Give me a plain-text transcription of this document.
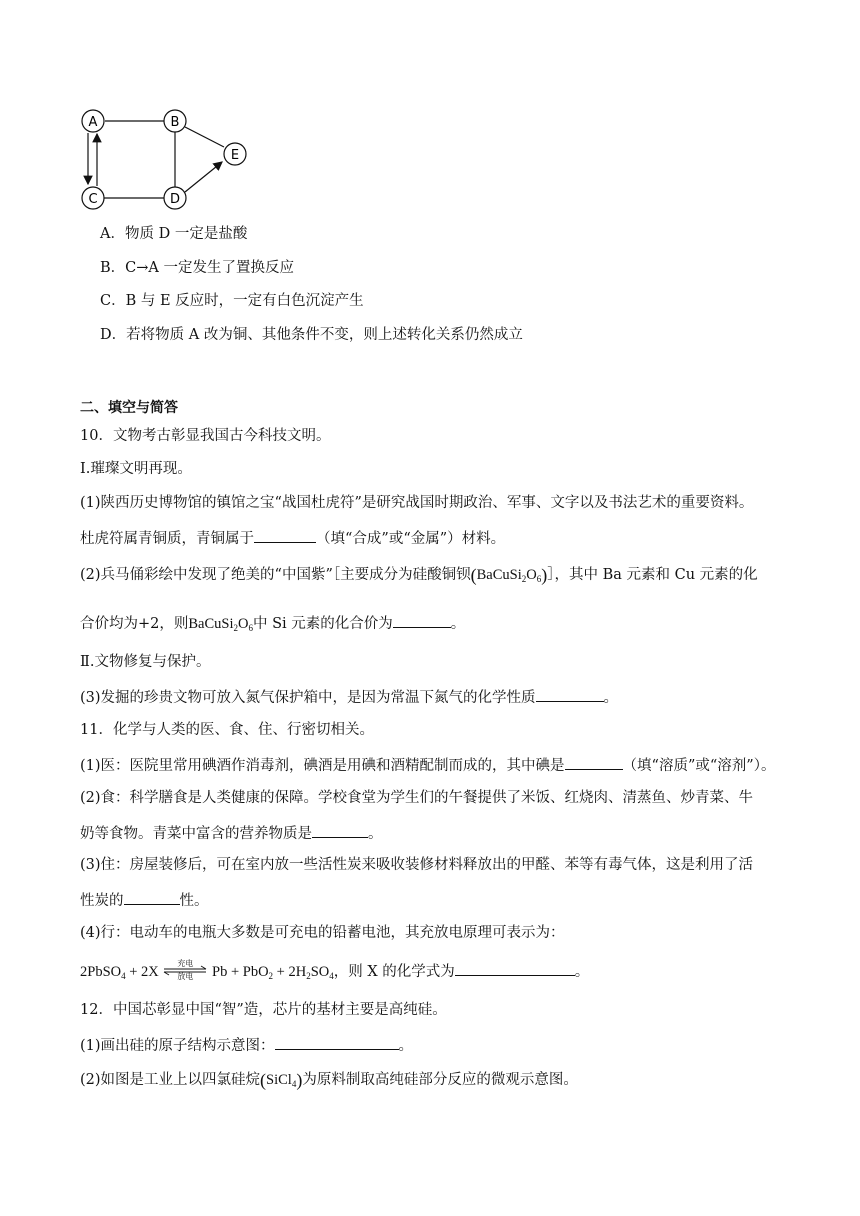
A	B
C	D
E
A．物质 D 一定是盐酸
B．C→A 一定发生了置换反应
C．B 与 E 反应时，一定有白色沉淀产生
D．若将物质 A 改为铜、其他条件不变，则上述转化关系仍然成立
二、填空与简答
10．文物考古彰显我国古今科技文明。
Ⅰ.璀璨文明再现。
(1)陕西历史博物馆的镇馆之宝“战国杜虎符”是研究战国时期政治、军事、文字以及书法艺术的重要资料。
杜虎符属青铜质，青铜属于	（填“合成”或“金属”）材料。
(2)兵马俑彩绘中发现了绝美的“中国紫”［主要成分为硅酸铜钡$(BaCuSi_2O_6)]$，其中 Ba 元素和 Cu 元素的化
合价均为+2，则$BaCuSi_2O_6$中 Si 元素的化合价为	。
Ⅱ.文物修复与保护。
(3)发掘的珍贵文物可放入氮气保护箱中，是因为常温下氮气的化学性质	。
11．化学与人类的医、食、住、行密切相关。
(1)医：医院里常用碘酒作消毒剂，碘酒是用碘和酒精配制而成的，其中碘是	（填“溶质”或“溶剂”）。
(2)食：科学膳食是人类健康的保障。学校食堂为学生们的午餐提供了米饭、红烧肉、清蒸鱼、炒青菜、牛
奶等食物。青菜中富含的营养物质是	。
(3)住：房屋装修后，可在室内放一些活性炭来吸收装修材料释放出的甲醛、苯等有毒气体，这是利用了活
性炭的	性。
(4)行：电动车的电瓶大多数是可充电的铅蓄电池，其充放电原理可表示为：
2PbSO$_4$ + 2X
充电
放电	$Pb + PbO_2 + 2H_2SO_4$，则 X 的化学式为	。
12．中国芯彰显中国“智”造，芯片的基材主要是高纯硅。
(1)画出硅的原子结构示意图：	。
(2)如图是工业上以四氯硅烷(SiCl$_4$)为原料制取高纯硅部分反应的微观示意图。
